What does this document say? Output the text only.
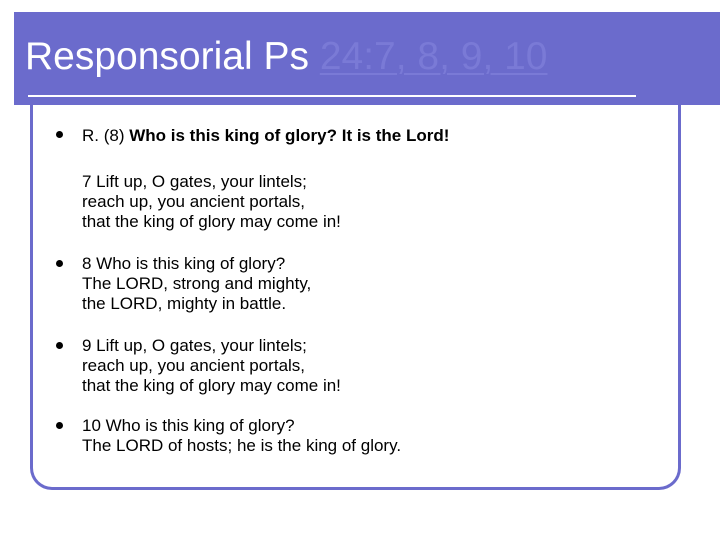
Responsorial Ps 24:7, 8, 9, 10
R. (8) Who is this king of glory? It is the Lord!
7 Lift up, O gates, your lintels;
reach up, you ancient portals,
that the king of glory may come in!
8 Who is this king of glory?
The LORD, strong and mighty,
the LORD, mighty in battle.
9 Lift up, O gates, your lintels;
reach up, you ancient portals,
that the king of glory may come in!
10 Who is this king of glory?
The LORD of hosts; he is the king of glory.
